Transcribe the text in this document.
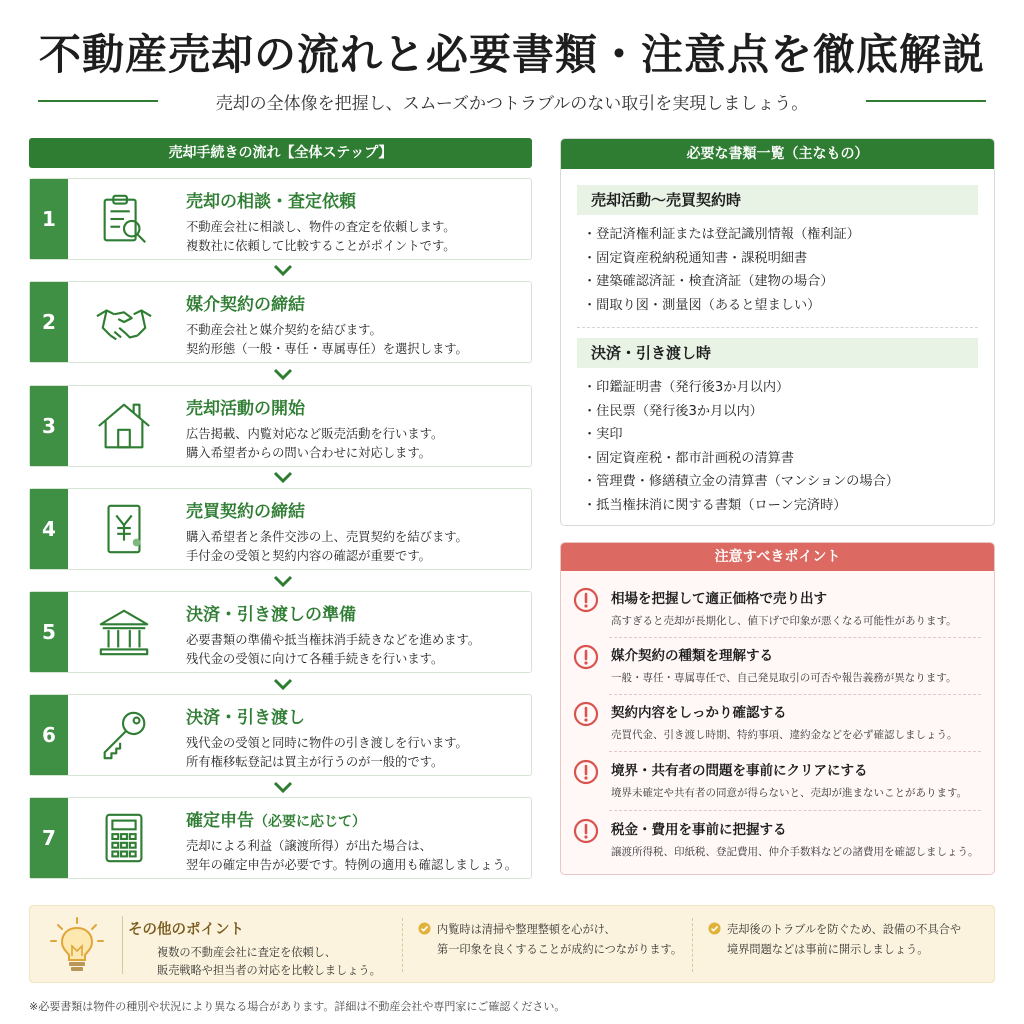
不動産売却の流れと必要書類・注意点を徹底解説
売却の全体像を把握し、スムーズかつトラブルのない取引を実現しましょう。
売却手続きの流れ【全体ステップ】
1
売却の相談・査定依頼
不動産会社に相談し、物件の査定を依頼します。
複数社に依頼して比較することがポイントです。
2
媒介契約の締結
不動産会社と媒介契約を結びます。
契約形態（一般・専任・専属専任）を選択します。
3
売却活動の開始
広告掲載、内覧対応など販売活動を行います。
購入希望者からの問い合わせに対応します。
4
売買契約の締結
購入希望者と条件交渉の上、売買契約を結びます。
手付金の受領と契約内容の確認が重要です。
5
決済・引き渡しの準備
必要書類の準備や抵当権抹消手続きなどを進めます。
残代金の受領に向けて各種手続きを行います。
6
決済・引き渡し
残代金の受領と同時に物件の引き渡しを行います。
所有権移転登記は買主が行うのが一般的です。
7
確定申告（必要に応じて）
売却による利益（譲渡所得）が出た場合は、
翌年の確定申告が必要です。特例の適用も確認しましょう。
必要な書類一覧（主なもの）
売却活動〜売買契約時
・登記済権利証または登記識別情報（権利証）
・固定資産税納税通知書・課税明細書
・建築確認済証・検査済証（建物の場合）
・間取り図・測量図（あると望ましい）
決済・引き渡し時
・印鑑証明書（発行後3か月以内）
・住民票（発行後3か月以内）
・実印
・固定資産税・都市計画税の清算書
・管理費・修繕積立金の清算書（マンションの場合）
・抵当権抹消に関する書類（ローン完済時）
注意すべきポイント
相場を把握して適正価格で売り出す
高すぎると売却が長期化し、値下げで印象が悪くなる可能性があります。
媒介契約の種類を理解する
一般・専任・専属専任で、自己発見取引の可否や報告義務が異なります。
契約内容をしっかり確認する
売買代金、引き渡し時期、特約事項、違約金などを必ず確認しましょう。
境界・共有者の問題を事前にクリアにする
境界未確定や共有者の同意が得らないと、売却が進まないことがあります。
税金・費用を事前に把握する
譲渡所得税、印紙税、登記費用、仲介手数料などの諸費用を確認しましょう。
その他のポイント
複数の不動産会社に査定を依頼し、
販売戦略や担当者の対応を比較しましょう。
内覧時は清掃や整理整頓を心がけ、
第一印象を良くすることが成約につながります。
売却後のトラブルを防ぐため、設備の不具合や
境界問題などは事前に開示しましょう。
※必要書類は物件の種別や状況により異なる場合があります。詳細は不動産会社や専門家にご確認ください。
